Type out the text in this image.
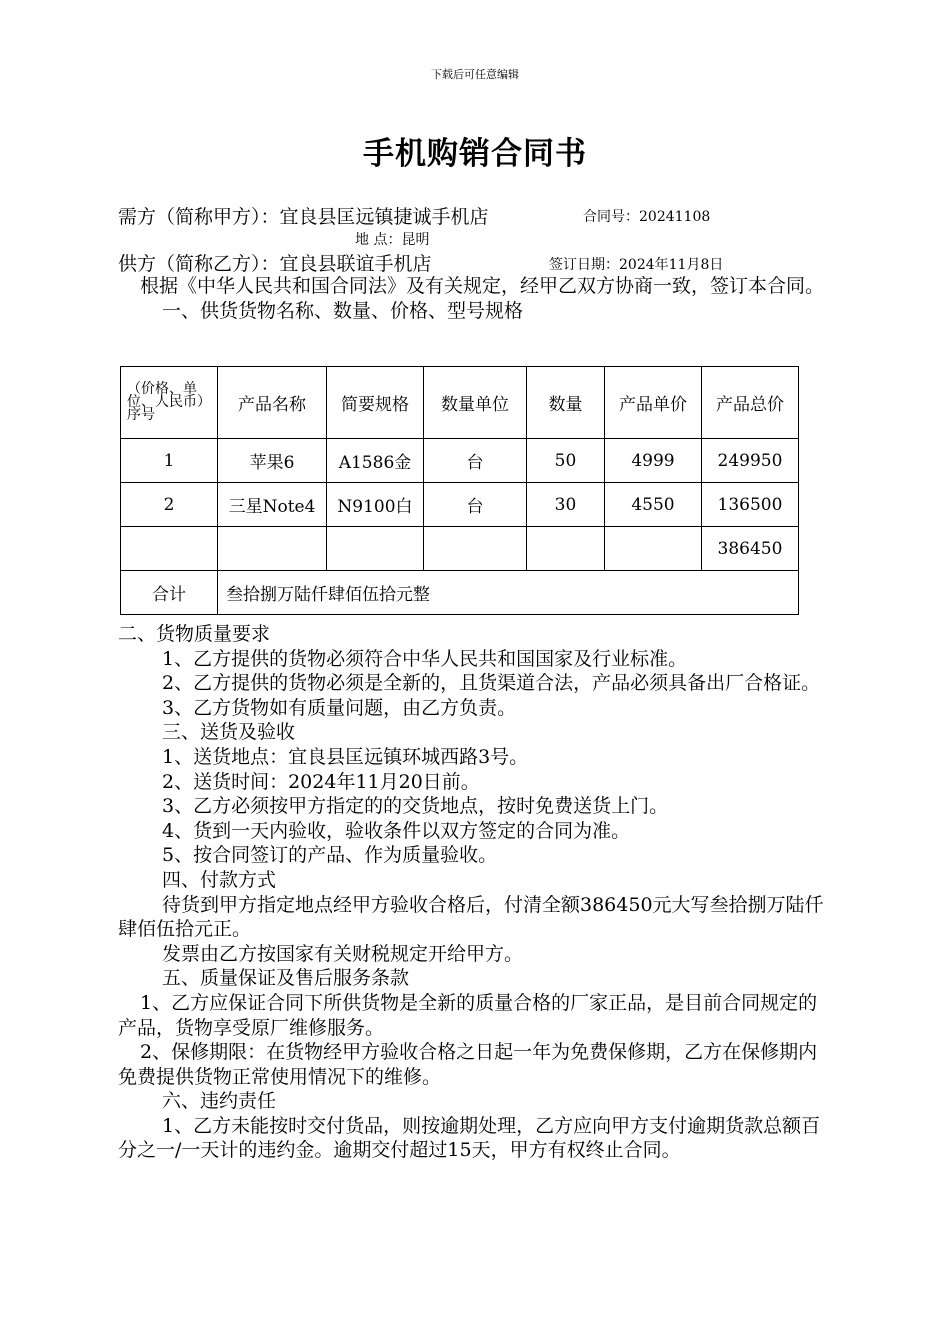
下载后可任意编辑
手机购销合同书
需方（简称甲方）：宜良县匡远镇捷诚手机店	合同号：20241108
地 点：昆明
供方（简称乙方）：宜良县联谊手机店	签订日期：2024年11月8日

根据《中华人民共和国合同法》及有关规定，经甲乙双方协商一致，签订本合同。

一、供货货物名称、数量、价格、型号规格

（价格、单位、人民币）序号	产品名称	简要规格	数量单位	数量	产品单价	产品总价
1	苹果6	A1586金	台	50	4999	249950
2	三星Note4	N9100白	台	30	4550	136500
						386450
合计	叁拾捌万陆仟肆佰伍拾元整					

二、货物质量要求

1、乙方提供的货物必须符合中华人民共和国国家及行业标准。

2、乙方提供的货物必须是全新的，且货渠道合法，产品必须具备出厂合格证。

3、乙方货物如有质量问题，由乙方负责。

三、送货及验收

1、送货地点：宜良县匡远镇环城西路3号。

2、送货时间：2024年11月20日前。

3、乙方必须按甲方指定的的交货地点，按时免费送货上门。

4、货到一天内验收，验收条件以双方签定的合同为准。

5、按合同签订的产品、作为质量验收。

四、付款方式

待货到甲方指定地点经甲方验收合格后，付清全额386450元大写叁拾捌万陆仟肆佰伍拾元正。

发票由乙方按国家有关财税规定开给甲方。

五、质量保证及售后服务条款

1、乙方应保证合同下所供货物是全新的质量合格的厂家正品，是目前合同规定的产品，货物享受原厂维修服务。

2、保修期限：在货物经甲方验收合格之日起一年为免费保修期，乙方在保修期内免费提供货物正常使用情况下的维修。

六、违约责任

1、乙方未能按时交付货品，则按逾期处理，乙方应向甲方支付逾期货款总额百分之一/一天计的违约金。逾期交付超过15天，甲方有权终止合同。
